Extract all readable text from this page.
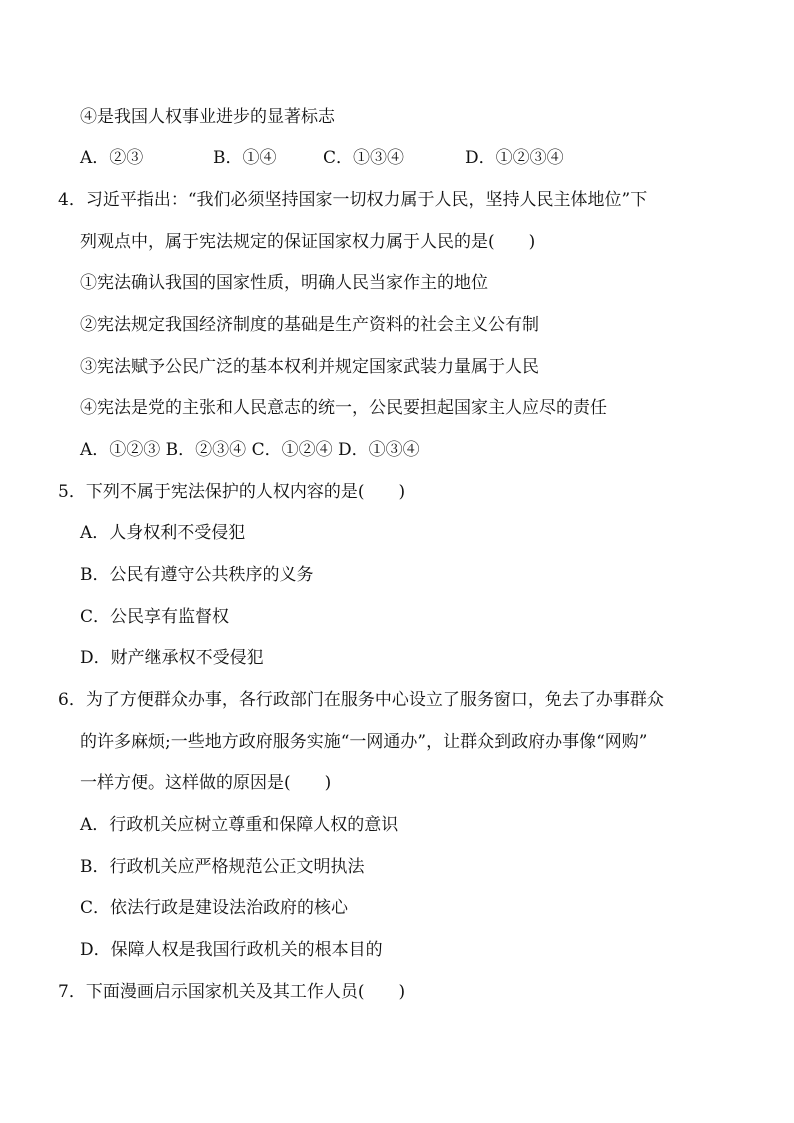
④是我国人权事业进步的显著标志
A．②③	B．①④	C．①③④	D．①②③④
4．习近平指出：“我们必须坚持国家一切权力属于人民，坚持人民主体地位”下
列观点中，属于宪法规定的保证国家权力属于人民的是(　　)
①宪法确认我国的国家性质，明确人民当家作主的地位
②宪法规定我国经济制度的基础是生产资料的社会主义公有制
③宪法赋予公民广泛的基本权利并规定国家武装力量属于人民
④宪法是党的主张和人民意志的统一，公民要担起国家主人应尽的责任
A．①②③ B．②③④ C．①②④ D．①③④
5．下列不属于宪法保护的人权内容的是(　　)
A．人身权利不受侵犯
B．公民有遵守公共秩序的义务
C．公民享有监督权
D．财产继承权不受侵犯
6．为了方便群众办事，各行政部门在服务中心设立了服务窗口，免去了办事群众
的许多麻烦;一些地方政府服务实施“一网通办”，让群众到政府办事像“网购”
一样方便。这样做的原因是(　　)
A．行政机关应树立尊重和保障人权的意识
B．行政机关应严格规范公正文明执法
C．依法行政是建设法治政府的核心
D．保障人权是我国行政机关的根本目的
7．下面漫画启示国家机关及其工作人员(　　)
